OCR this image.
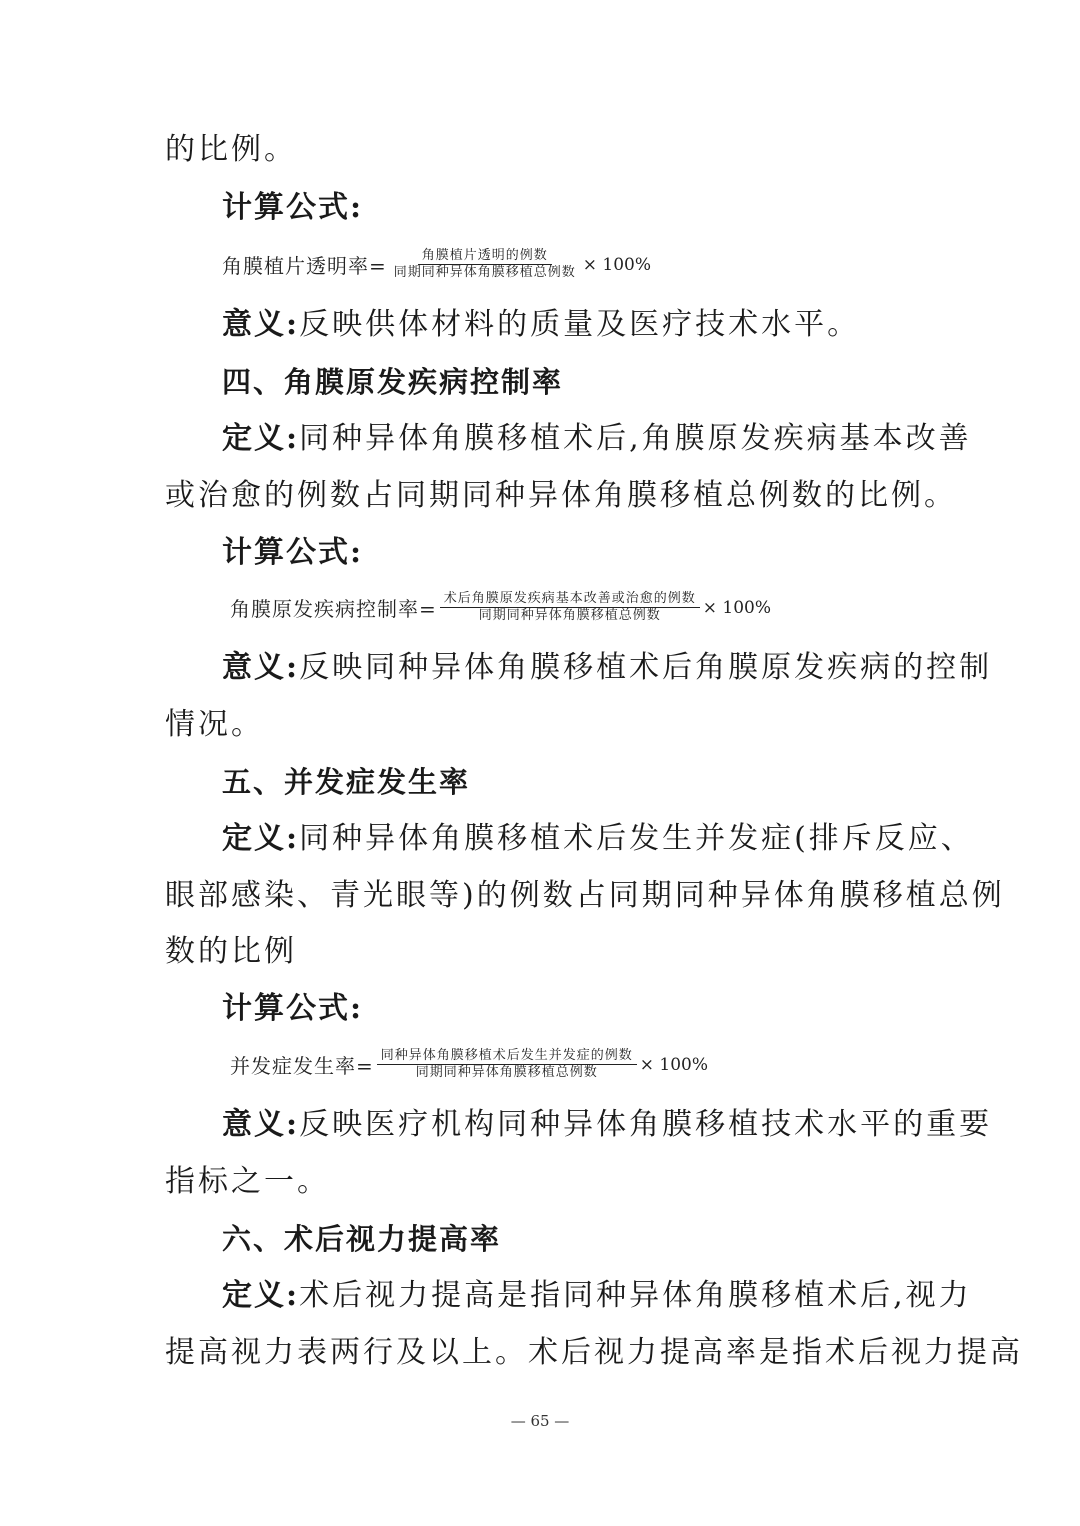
的比例。
计算公式:
角膜植片透明率= $\frac{\text{角膜植片透明的例数}}{\text{同期同种异体角膜移植总例数}} \times 100\%$
意义:反映供体材料的质量及医疗技术水平。
四、角膜原发疾病控制率
定义:同种异体角膜移植术后,角膜原发疾病基本改善
或治愈的例数占同期同种异体角膜移植总例数的比例。
计算公式:
角膜原发疾病控制率= $\frac{\text{术后角膜原发疾病基本改善或治愈的例数}}{\text{同期同种异体角膜移植总例数}} \times 100\%$
意义:反映同种异体角膜移植术后角膜原发疾病的控制
情况。
五、并发症发生率
定义:同种异体角膜移植术后发生并发症(排斥反应、
眼部感染、青光眼等)的例数占同期同种异体角膜移植总例
数的比例
计算公式:
并发症发生率= $\frac{\text{同种异体角膜移植术后发生并发症的例数}}{\text{同期同种异体角膜移植总例数}} \times 100\%$
意义:反映医疗机构同种异体角膜移植技术水平的重要
指标之一。
六、术后视力提高率
定义:术后视力提高是指同种异体角膜移植术后,视力
提高视力表两行及以上。术后视力提高率是指术后视力提高
— 65 —
